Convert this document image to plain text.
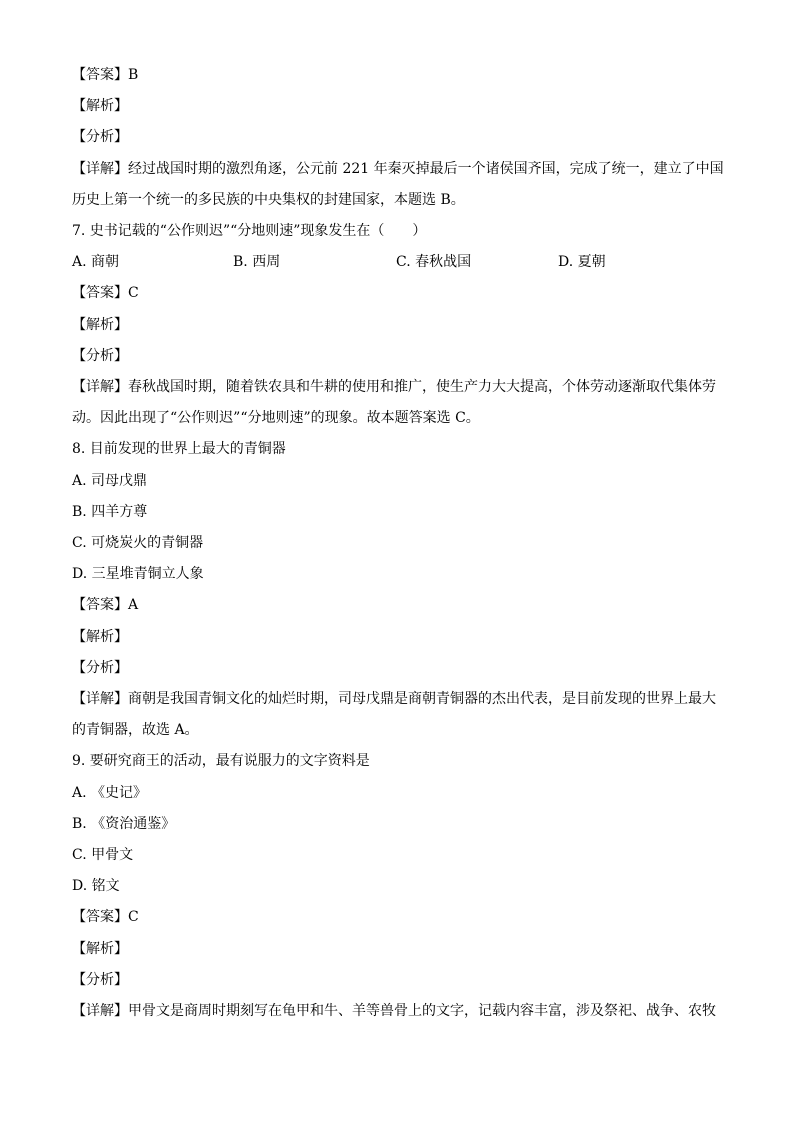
【答案】B
【解析】
【分析】
【详解】经过战国时期的激烈角逐，公元前 221 年秦灭掉最后一个诸侯国齐国，完成了统一，建立了中国
历史上第一个统一的多民族的中央集权的封建国家，本题选 B。
7. 史书记载的“公作则迟”“分地则速”现象发生在（　　）
A. 商朝	B. 西周	C. 春秋战国	D. 夏朝
【答案】C
【解析】
【分析】
【详解】春秋战国时期，随着铁农具和牛耕的使用和推广，使生产力大大提高，个体劳动逐渐取代集体劳
动。因此出现了“公作则迟”“分地则速”的现象。故本题答案选 C。
8. 目前发现的世界上最大的青铜器
A. 司母戊鼎
B. 四羊方尊
C. 可烧炭火的青铜器
D. 三星堆青铜立人象
【答案】A
【解析】
【分析】
【详解】商朝是我国青铜文化的灿烂时期，司母戊鼎是商朝青铜器的杰出代表，是目前发现的世界上最大
的青铜器，故选 A。
9. 要研究商王的活动，最有说服力的文字资料是
A. 《史记》
B. 《资治通鉴》
C. 甲骨文
D. 铭文
【答案】C
【解析】
【分析】
【详解】甲骨文是商周时期刻写在龟甲和牛、羊等兽骨上的文字，记载内容丰富，涉及祭祀、战争、农牧
